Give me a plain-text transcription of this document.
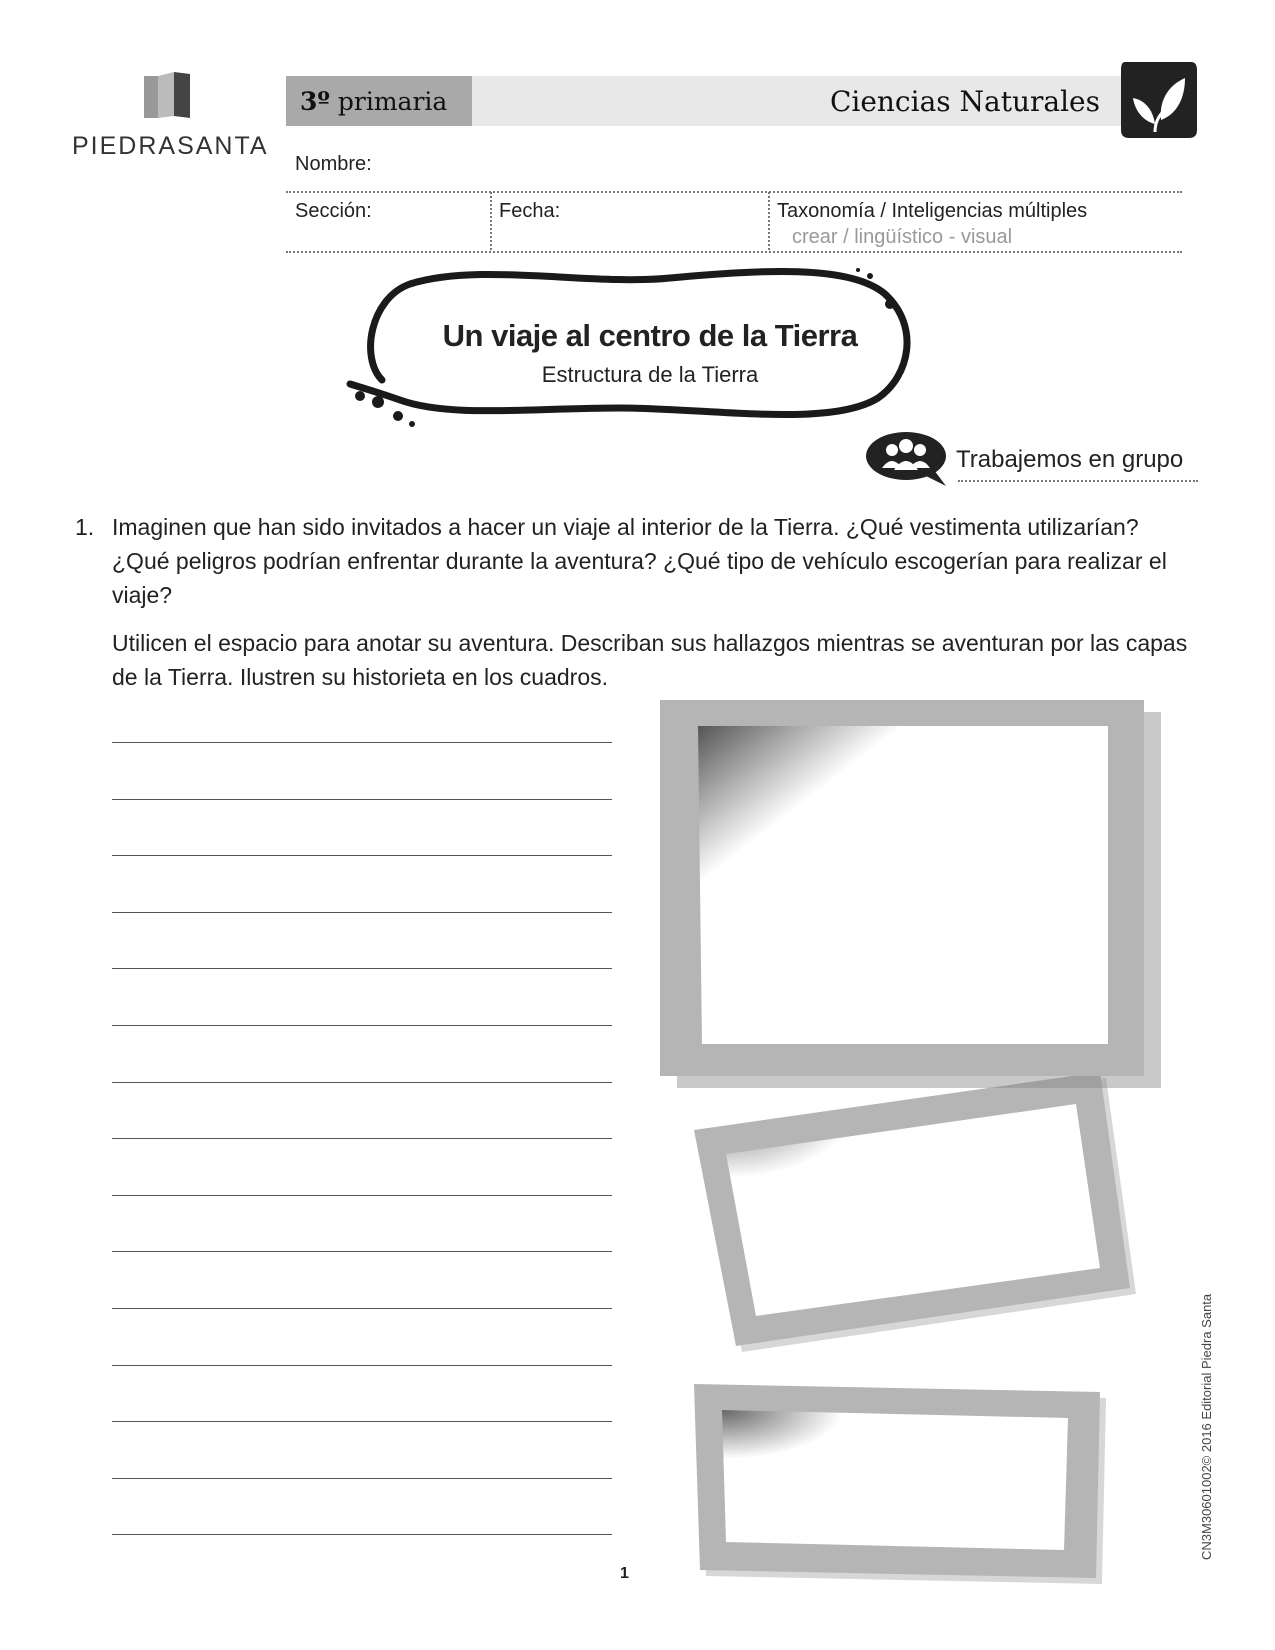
PIEDRASANTA
3º primaria	Ciencias Naturales
Nombre:
Sección:	Fecha:	Taxonomía / Inteligencias múltiples
crear / lingüístico - visual
Un viaje al centro de la Tierra
Estructura de la Tierra
Trabajemos en grupo
1. Imaginen que han sido invitados a hacer un viaje al interior de la Tierra. ¿Qué vestimenta utilizarían? ¿Qué peligros podrían enfrentar durante la aventura? ¿Qué tipo de vehículo escogerían para realizar el viaje?
Utilicen el espacio para anotar su aventura. Describan sus hallazgos mientras se aventuran por las capas de la Tierra. Ilustren su historieta en los cuadros.
1
CN3M30601002© 2016 Editorial Piedra Santa
